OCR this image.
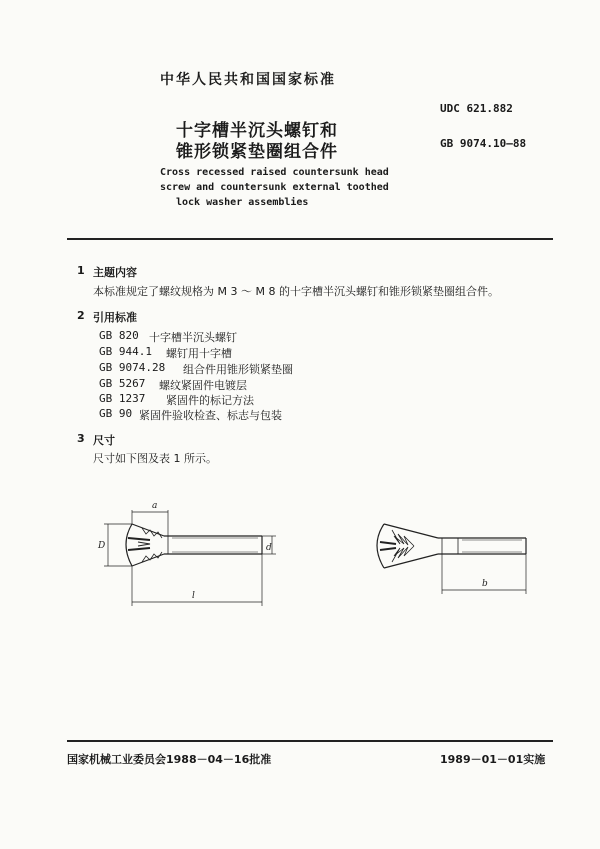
中华人民共和国国家标准
UDC 621.882
GB 9074.10—88
十字槽半沉头螺钉和
锥形锁紧垫圈组合件
Cross recessed raised countersunk head
screw and countersunk external toothed
lock washer assemblies
1 主题内容
本标准规定了螺纹规格为 M 3 ～ M 8 的十字槽半沉头螺钉和锥形锁紧垫圈组合件。
2 引用标准
GB 820 十字槽半沉头螺钉
GB 944.1 螺钉用十字槽
GB 9074.28 组合件用锥形锁紧垫圈
GB 5267 螺纹紧固件电镀层
GB 1237 紧固件的标记方法
GB 90 紧固件验收检查、标志与包装
3 尺寸
尺寸如下图及表 1 所示。
a
D	d
l
b
国家机械工业委员会1988－04－16批准	1989－01－01实施
